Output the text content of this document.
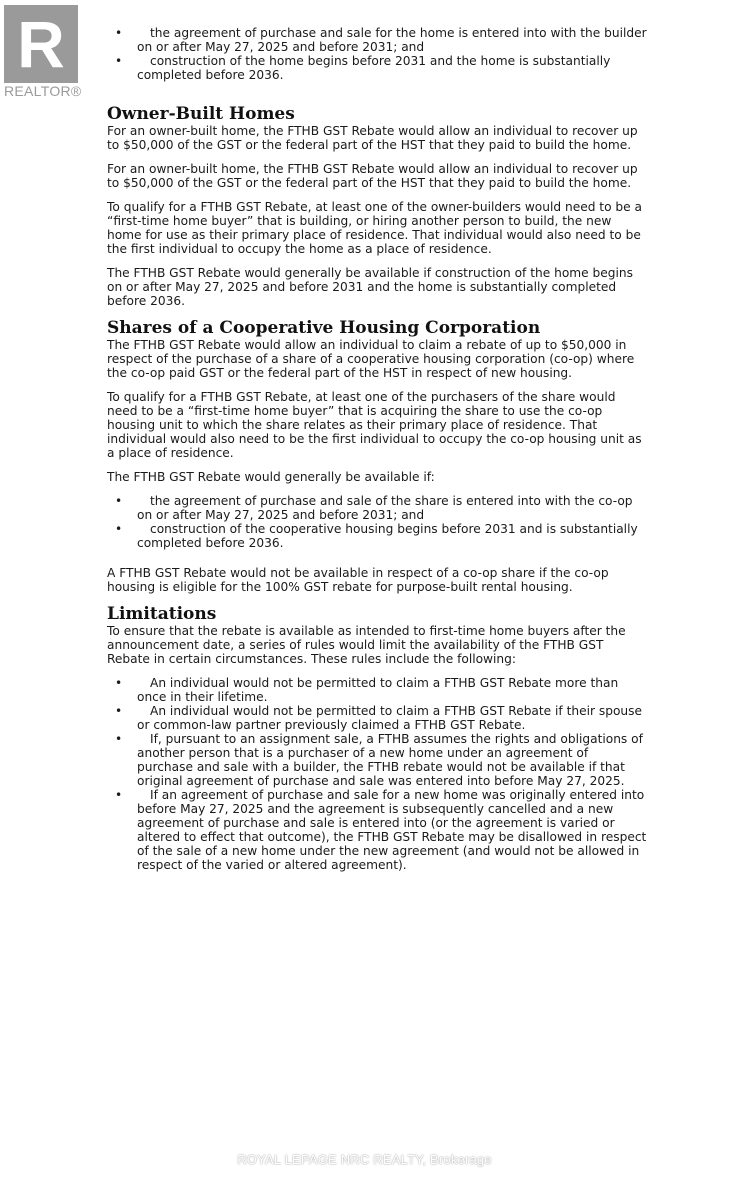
R
REALTOR®
• the agreement of purchase and sale for the home is entered into with the builder on or after May 27, 2025 and before 2031; and
• construction of the home begins before 2031 and the home is substantially completed before 2036.
Owner-Built Homes

For an owner-built home, the FTHB GST Rebate would allow an individual to recover up to $50,000 of the GST or the federal part of the HST that they paid to build the home.

For an owner-built home, the FTHB GST Rebate would allow an individual to recover up to $50,000 of the GST or the federal part of the HST that they paid to build the home.

To qualify for a FTHB GST Rebate, at least one of the owner-builders would need to be a “first-time home buyer” that is building, or hiring another person to build, the new home for use as their primary place of residence. That individual would also need to be the first individual to occupy the home as a place of residence.

The FTHB GST Rebate would generally be available if construction of the home begins on or after May 27, 2025 and before 2031 and the home is substantially completed before 2036.

Shares of a Cooperative Housing Corporation

The FTHB GST Rebate would allow an individual to claim a rebate of up to $50,000 in respect of the purchase of a share of a cooperative housing corporation (co-op) where the co-op paid GST or the federal part of the HST in respect of new housing.

To qualify for a FTHB GST Rebate, at least one of the purchasers of the share would need to be a “first-time home buyer” that is acquiring the share to use the co-op housing unit to which the share relates as their primary place of residence. That individual would also need to be the first individual to occupy the co-op housing unit as a place of residence.

The FTHB GST Rebate would generally be available if:

• the agreement of purchase and sale of the share is entered into with the co-op on or after May 27, 2025 and before 2031; and
• construction of the cooperative housing begins before 2031 and is substantially completed before 2036.

A FTHB GST Rebate would not be available in respect of a co-op share if the co-op housing is eligible for the 100% GST rebate for purpose-built rental housing.

Limitations

To ensure that the rebate is available as intended to first-time home buyers after the announcement date, a series of rules would limit the availability of the FTHB GST Rebate in certain circumstances. These rules include the following:

• An individual would not be permitted to claim a FTHB GST Rebate more than once in their lifetime.
• An individual would not be permitted to claim a FTHB GST Rebate if their spouse or common-law partner previously claimed a FTHB GST Rebate.
• If, pursuant to an assignment sale, a FTHB assumes the rights and obligations of another person that is a purchaser of a new home under an agreement of purchase and sale with a builder, the FTHB rebate would not be available if that original agreement of purchase and sale was entered into before May 27, 2025.
• If an agreement of purchase and sale for a new home was originally entered into before May 27, 2025 and the agreement is subsequently cancelled and a new agreement of purchase and sale is entered into (or the agreement is varied or altered to effect that outcome), the FTHB GST Rebate may be disallowed in respect of the sale of a new home under the new agreement (and would not be allowed in respect of the varied or altered agreement).
ROYAL LEPAGE NRC REALTY, Brokerage
